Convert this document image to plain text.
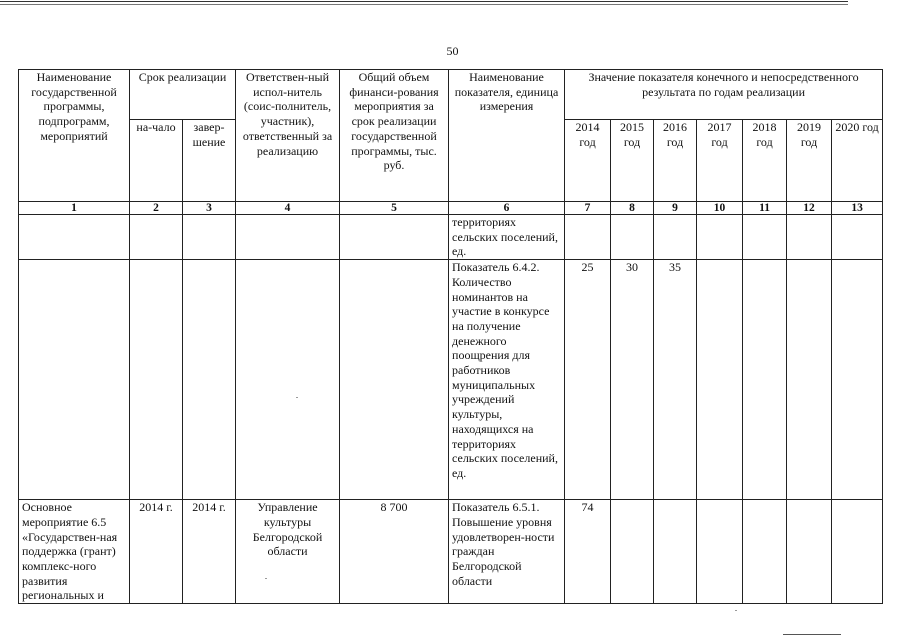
50
Наименование государственной программы, подпрограмм, мероприятий	Срок реализации		Ответствен-ный испол-нитель (соис-полнитель, участник), ответственный за реализацию	Общий объем финанси-рования мероприятия за срок реализации государственной программы, тыс. руб.	Наименование показателя, единица измерения	Значение показателя конечного и непосредственного результата по годам реализации						
	на-чало	завер-шение				2014 год	2015 год	2016 год	2017 год	2018 год	2019 год	2020 год
1	2	3	4	5	6	7	8	9	10	11	12	13
					территориях сельских поселений, ед.							
					Показатель 6.4.2. Количество номинантов на участие в конкурсе на получение денежного поощрения для работников муниципальных учреждений культуры, находящихся на территориях сельских поселений, ед.	25	30	35				
Основное мероприятие 6.5 «Государствен-ная поддержка (грант) комплекс-ного развития региональных и	2014 г.	2014 г.	Управление культуры Белгородской области	8 700	Показатель 6.5.1. Повышение уровня удовлетворен-ности граждан Белгородской области	74						
